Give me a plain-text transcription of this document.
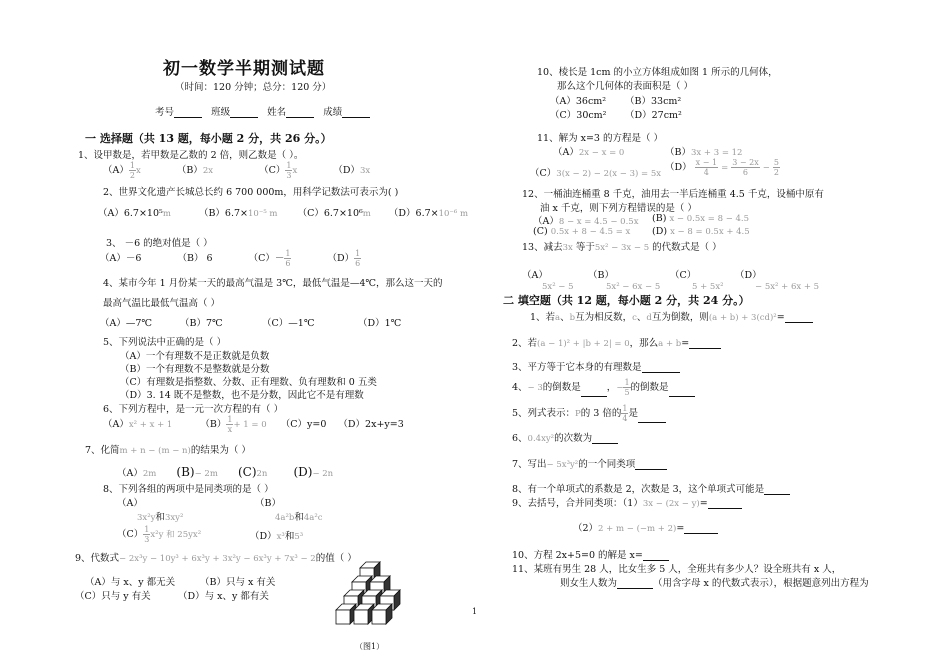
初一数学半期测试题
（时间：120 分钟；总分：120 分）
考号	班级	姓名	成绩
一 选择题（共 13 题，每小题 2 分，共 26 分。）
1、设甲数是，若甲数是乙数的 2 倍，则乙数是（ ）。
$(A) \frac{1}{2}$ x	（B）2x	$(C) \frac{1}{3}$ x	（D）3x
2、世界文化遗产长城总长约 6 700 000m，用科学记数法可表示为( )
（A）6.7×10⁵m	（B）6.7×10⁻⁵ m （C）6.7×10⁶m （D）6.7×10⁻⁶ m
3、 －6 的绝对值是（ ）
（A）－6	（B） 6	$(C)- \frac{1}{6}$	$(D) \frac{1}{6}$
4、某市今年 1 月份某一天的最高气温是 3℃，最低气温是—4℃，那么这一天的
最高气温比最低气温高（ ）
（A）—7℃	（B）7℃	（C）—1℃	（D）1℃
5、下列说法中正确的是（ ）
（A）一个有理数不是正数就是负数
（B）一个有理数不是整数就是分数
（C）有理数是指整数、分数、正有理数、负有理数和 0 五类
（D）3. 14 既不是整数，也不是分数，因此它不是有理数
6、下列方程中，是一元一次方程的有（ ）
（A）x² + x + 1	$(B) \frac{1}{x} + 1 = 0$ （C）y=0 （D）2x+y=3
7、化简m + n − (m − n)的结果为（ ）
（A）2m (B)− 2m (C)2n (D)− 2n
8、下列各组的两项中是同类项的是（ ）
（A）
3x²y和3xy²
（B）
4a²b和4a²c
$(C) \frac{1}{3} x^2y$ 和 25yx²	（D）x³和5³
9、代数式− 2x³y − 10y³ + 6x³y + 3x²y − 6x³y + 7x³ − 2的值（ ）
（A）与 x、y 都无关	（B）只与 x 有关
（C）只与 y 有关	（D）与 x、y 都有关
（图1）
1
10、棱长是 1cm 的小立方体组成如图 1 所示的几何体，
那么这个几何体的表面积是（ ）
（A）36cm² （B）33cm²
（C）30cm² （D）27cm²
11、解为 x=3 的方程是（ ）
（A）2x − x = 0	（B）3x + 3 = 12
（C）3(x − 2) − 2(x − 3) = 5x
$(D) \frac{x - 1}{4} = \frac{3 - 2x}{6} - \frac{5}{2}$
12、一桶油连桶重 8 千克，油用去一半后连桶重 4.5 千克，设桶中原有
油 x 千克，则下列方程错误的是（ ）
（A）8 − x = 4.5 − 0.5x (B) x − 0.5x = 8 − 4.5
(C) 0.5x + 8 − 4.5 = x (D) x − 8 = 0.5x + 4.5
13、减去3x 等于5x² − 3x − 5 的代数式是（ ）
（A）
5x² − 5
（B）
5x² − 6x − 5
（C）
5 + 5x²
（D）
− 5x² + 6x + 5
二 填空题（共 12 题，每小题 2 分，共 24 分。）
1、若a、b互为相反数，c、d互为倒数，则(a + b) + 3(cd)²=
2、若(a − 1)² + |b + 2| = 0，那么a + b=
3、平方等于它本身的有理数是
4、− 3的倒数是	，− $\frac{1}{5}$ 的倒数是
5、列式表示：P的 3 倍的 $\frac{1}{4}$ 是
6、0.4xy²的次数为
7、写出− 5x³y²的一个同类项
8、有一个单项式的系数是 2，次数是 3，这个单项式可能是
9、去括号，合并同类项：（1）3x − (2x − y)=
（2）2 + m − (−m + 2)=
10、方程 2x+5=0 的解是 x=
11、某班有男生 28 人，比女生多 5 人，全班共有多少人？设全班共有 x 人，
则女生人数为	（用含字母 x 的代数式表示），根据题意列出方程为
